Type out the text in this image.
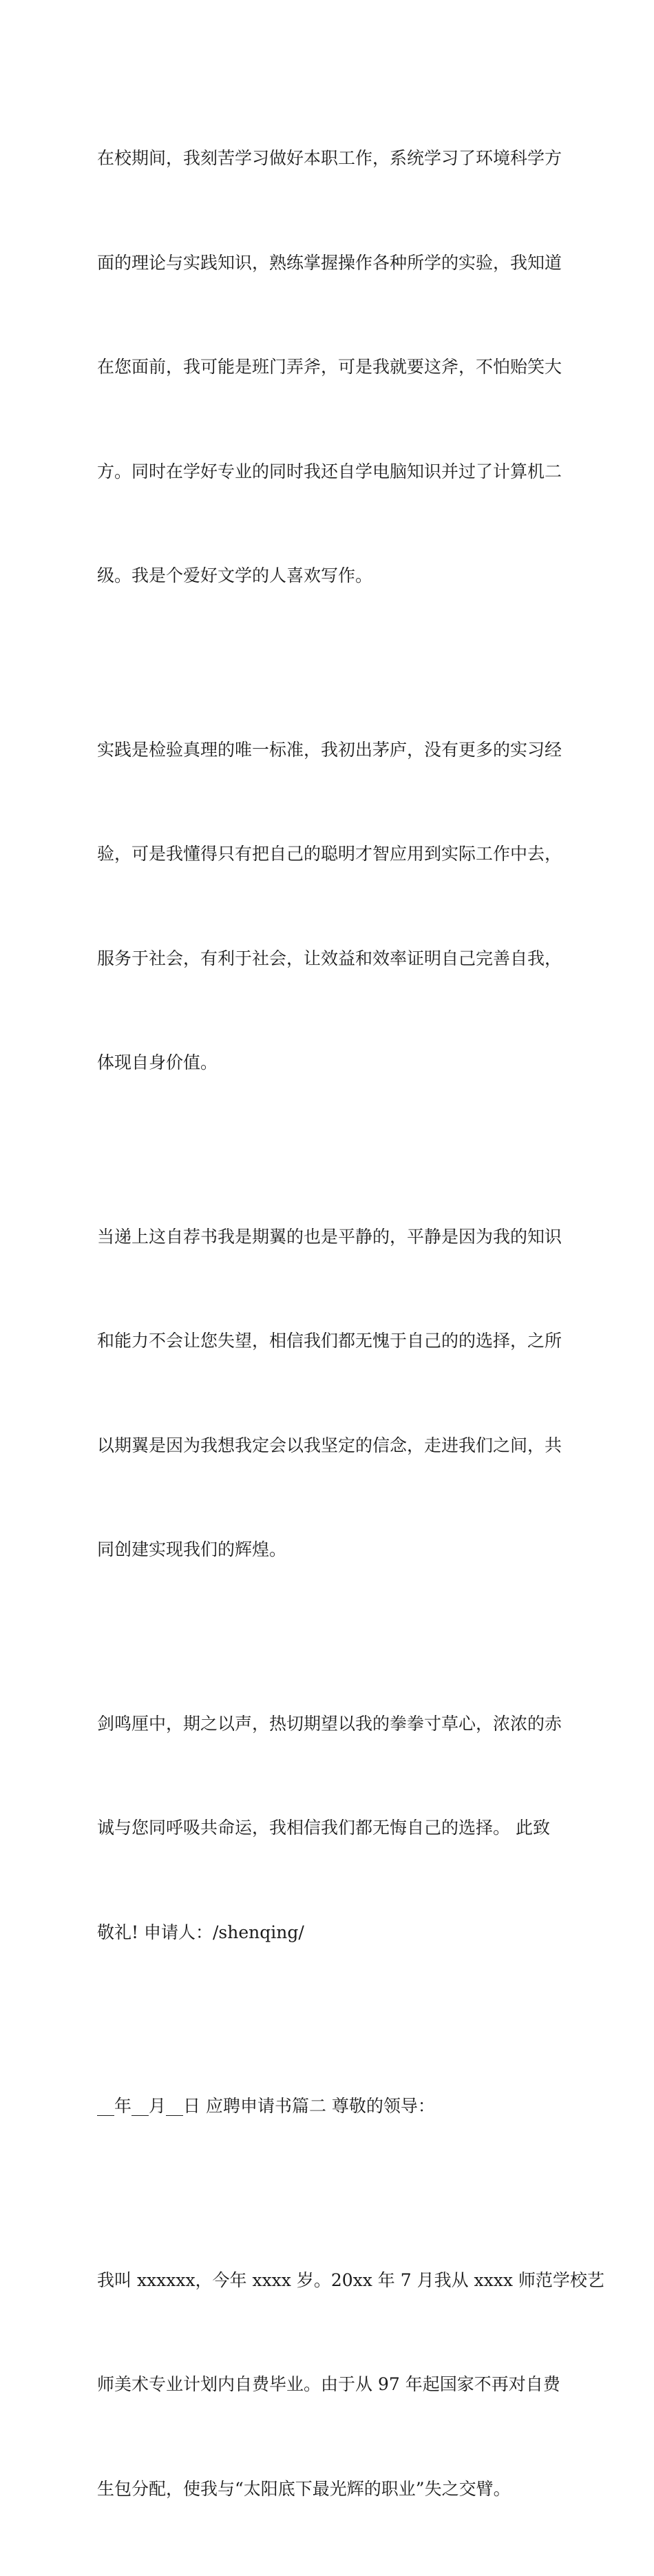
在校期间，我刻苦学习做好本职工作，系统学习了环境科学方

面的理论与实践知识，熟练掌握操作各种所学的实验，我知道

在您面前，我可能是班门弄斧，可是我就要这斧，不怕贻笑大

方。同时在学好专业的同时我还自学电脑知识并过了计算机二

级。我是个爱好文学的人喜欢写作。

实践是检验真理的唯一标准，我初出茅庐，没有更多的实习经

验，可是我懂得只有把自己的聪明才智应用到实际工作中去，

服务于社会，有利于社会，让效益和效率证明自己完善自我，

体现自身价值。

当递上这自荐书我是期翼的也是平静的，平静是因为我的知识

和能力不会让您失望，相信我们都无愧于自己的的选择，之所

以期翼是因为我想我定会以我坚定的信念，走进我们之间，共

同创建实现我们的辉煌。

剑鸣厘中，期之以声，热切期望以我的拳拳寸草心，浓浓的赤

诚与您同呼吸共命运，我相信我们都无悔自己的选择。 此致

敬礼! 申请人：/shenqing/

__年__月__日 应聘申请书篇二 尊敬的领导：

我叫 xxxxxx，今年 xxxx 岁。20xx 年 7 月我从 xxxx 师范学校艺

师美术专业计划内自费毕业。由于从 97 年起国家不再对自费

生包分配，使我与“太阳底下最光辉的职业”失之交臂。
